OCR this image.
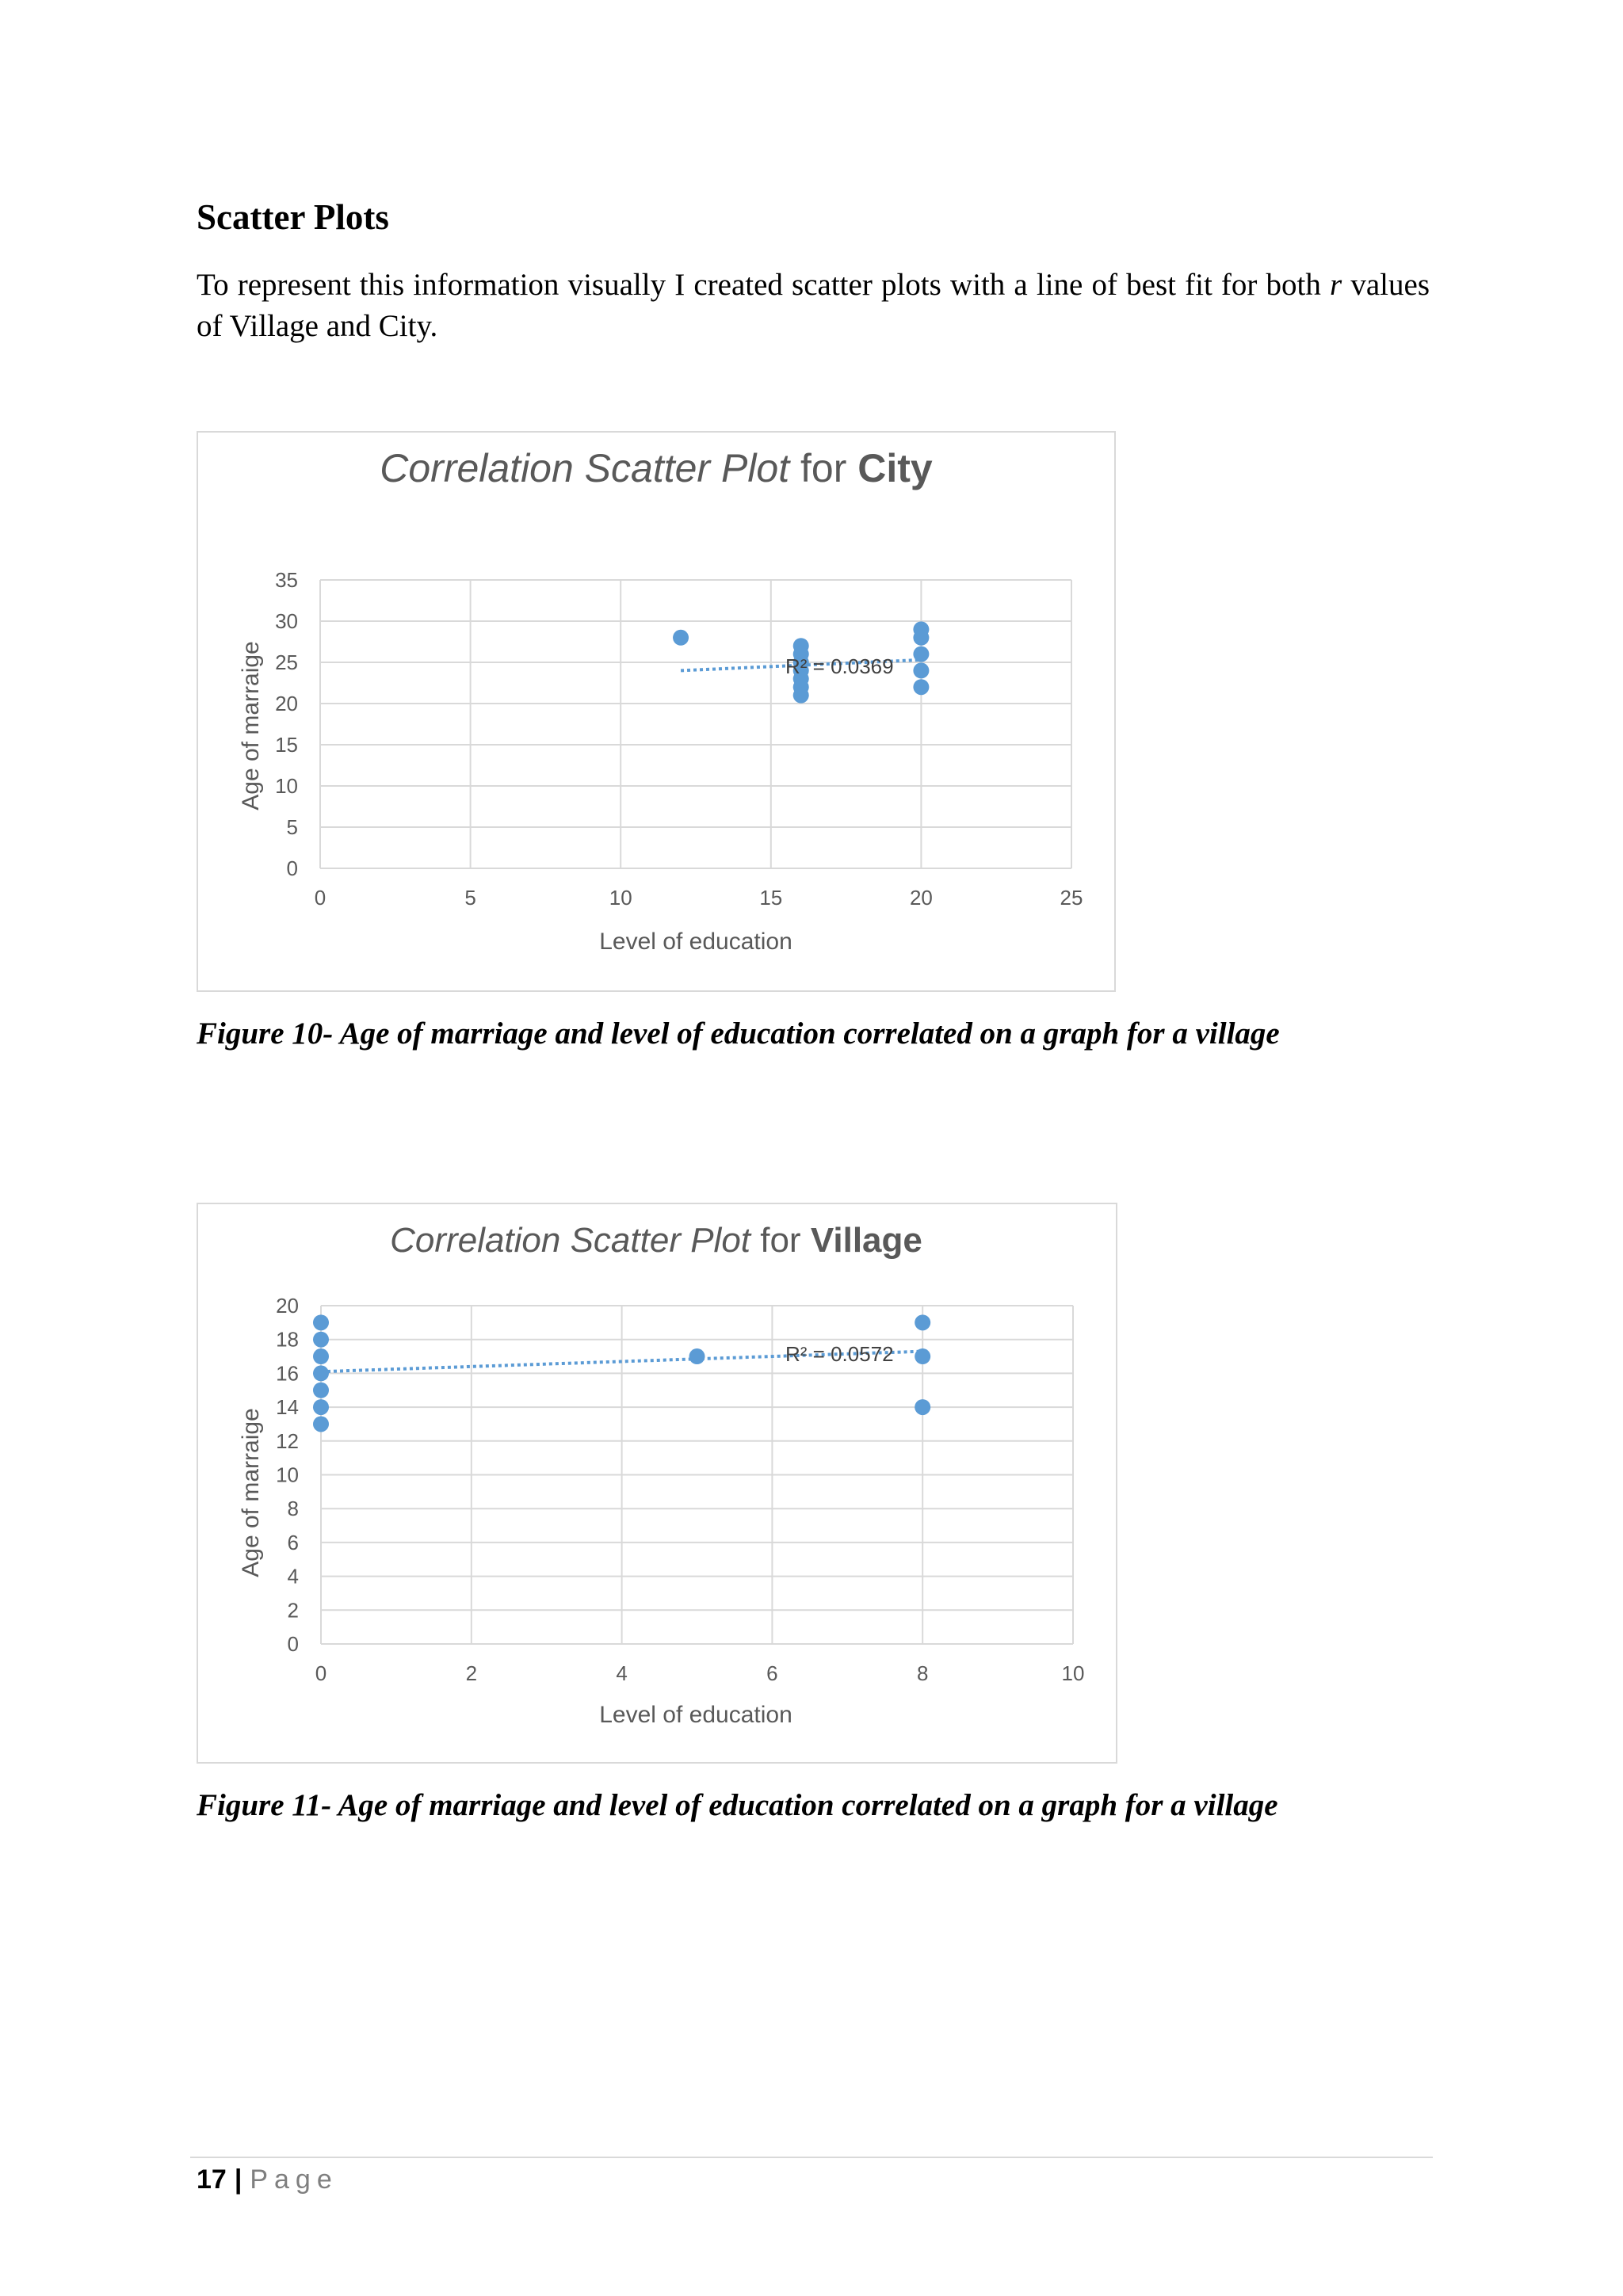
Scatter Plots

To represent this information visually I created scatter plots with a line of best fit for both r values of Village and City.

Correlation Scatter Plot for City
0
5
10
15
20
25
30
35
0	5	10	15	20	25
R² = 0.0369
Level of education
Age of marraige

Figure 10- Age of marriage and level of education correlated on a graph for a village

Correlation Scatter Plot for Village
0
2
4
6
8
10
12
14
16
18
20
0	2	4	6	8	10
R² = 0.0572
Level of education
Age of marraige

Figure 11- Age of marriage and level of education correlated on a graph for a village

17 | Page
